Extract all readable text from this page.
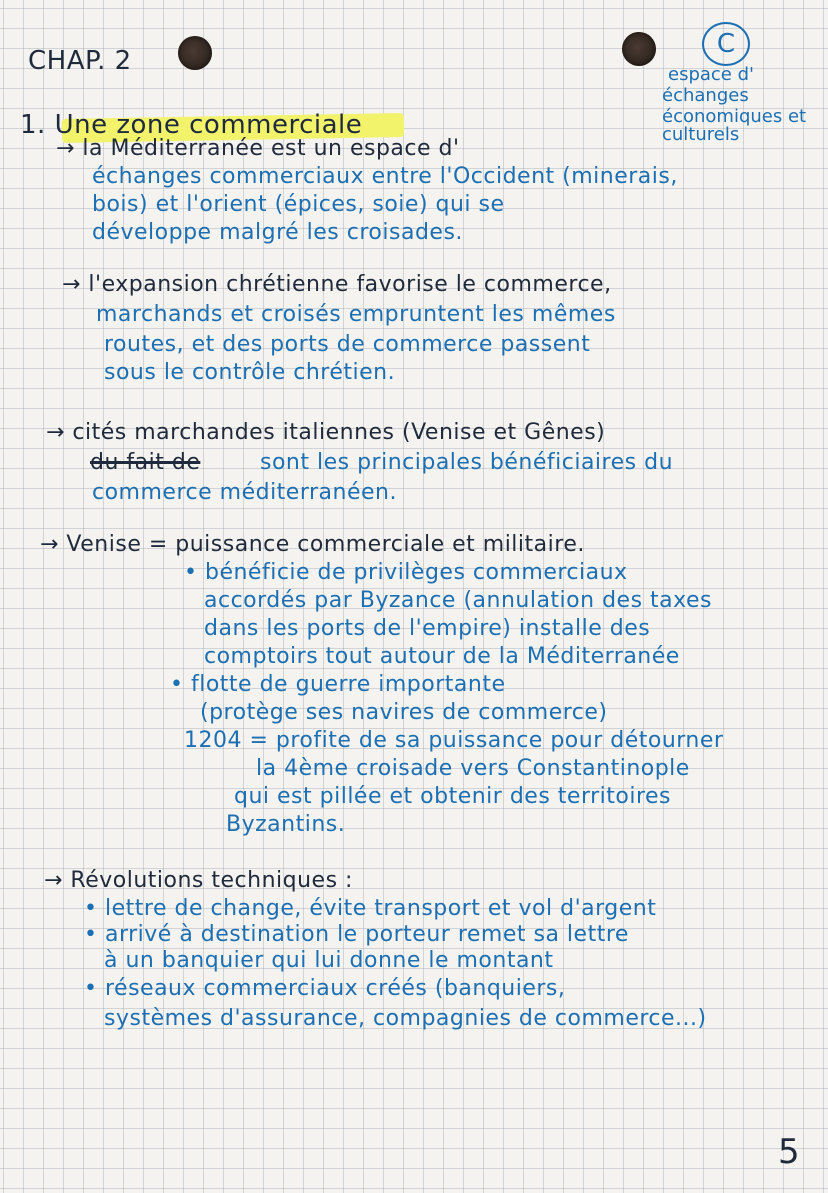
CHAP. 2
C
espace d'
échanges
économiques et
culturels
1. Une zone commerciale
→ la Méditerranée est un espace d'
échanges commerciaux entre l'Occident (minerais,
bois) et l'orient (épices, soie) qui se
développe malgré les croisades.
→ l'expansion chrétienne favorise le commerce,
marchands et croisés empruntent les mêmes
routes, et des ports de commerce passent
sous le contrôle chrétien.
→ cités marchandes italiennes (Venise et Gênes)
du fait de	sont les principales bénéficiaires du
commerce méditerranéen.
→ Venise = puissance commerciale et militaire.
• bénéficie de privilèges commerciaux
accordés par Byzance (annulation des taxes
dans les ports de l'empire) installe des
comptoirs tout autour de la Méditerranée
• flotte de guerre importante
(protège ses navires de commerce)
1204 = profite de sa puissance pour détourner
la 4ème croisade vers Constantinople
qui est pillée et obtenir des territoires
Byzantins.
→ Révolutions techniques :
• lettre de change, évite transport et vol d'argent
• arrivé à destination le porteur remet sa lettre
à un banquier qui lui donne le montant
• réseaux commerciaux créés (banquiers,
systèmes d'assurance, compagnies de commerce...)
5
